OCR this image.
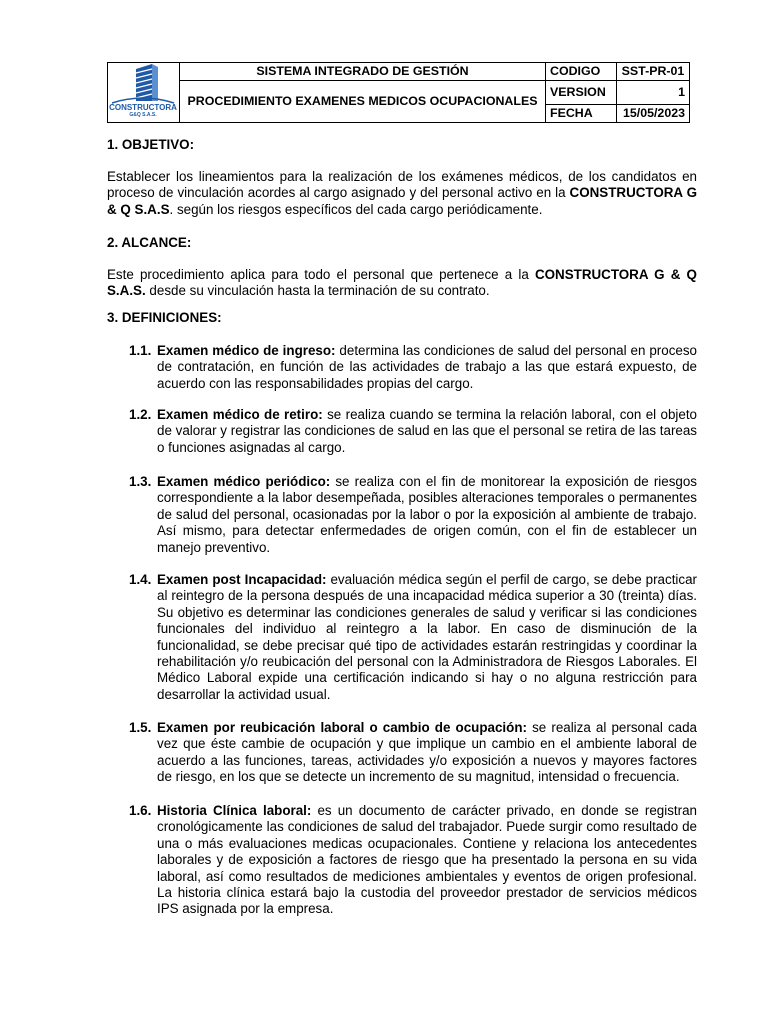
CONSTRUCTORA
G&Q S.A.S.	SISTEMA INTEGRADO DE GESTIÓN	CODIGO	SST-PR-01
	PROCEDIMIENTO EXAMENES MEDICOS OCUPACIONALES	VERSION	1
		FECHA	15/05/2023
1. OBJETIVO:
Establecer los lineamientos para la realización de los exámenes médicos, de los candidatos en proceso de vinculación acordes al cargo asignado y del personal activo en la CONSTRUCTORA G & Q S.A.S. según los riesgos específicos del cada cargo periódicamente.
2. ALCANCE:
Este procedimiento aplica para todo el personal que pertenece a la CONSTRUCTORA G & Q S.A.S. desde su vinculación hasta la terminación de su contrato.
3. DEFINICIONES:
1.1. Examen médico de ingreso: determina las condiciones de salud del personal en proceso de contratación, en función de las actividades de trabajo a las que estará expuesto, de acuerdo con las responsabilidades propias del cargo.
1.2. Examen médico de retiro: se realiza cuando se termina la relación laboral, con el objeto de valorar y registrar las condiciones de salud en las que el personal se retira de las tareas o funciones asignadas al cargo.
1.3. Examen médico periódico: se realiza con el fin de monitorear la exposición de riesgos correspondiente a la labor desempeñada, posibles alteraciones temporales o permanentes de salud del personal, ocasionadas por la labor o por la exposición al ambiente de trabajo. Así mismo, para detectar enfermedades de origen común, con el fin de establecer un manejo preventivo.
1.4. Examen post Incapacidad: evaluación médica según el perfil de cargo, se debe practicar al reintegro de la persona después de una incapacidad médica superior a 30 (treinta) días. Su objetivo es determinar las condiciones generales de salud y verificar si las condiciones funcionales del individuo al reintegro a la labor. En caso de disminución de la funcionalidad, se debe precisar qué tipo de actividades estarán restringidas y coordinar la rehabilitación y/o reubicación del personal con la Administradora de Riesgos Laborales. El Médico Laboral expide una certificación indicando si hay o no alguna restricción para desarrollar la actividad usual.
1.5. Examen por reubicación laboral o cambio de ocupación: se realiza al personal cada vez que éste cambie de ocupación y que implique un cambio en el ambiente laboral de acuerdo a las funciones, tareas, actividades y/o exposición a nuevos y mayores factores de riesgo, en los que se detecte un incremento de su magnitud, intensidad o frecuencia.
1.6. Historia Clínica laboral: es un documento de carácter privado, en donde se registran cronológicamente las condiciones de salud del trabajador. Puede surgir como resultado de una o más evaluaciones medicas ocupacionales. Contiene y relaciona los antecedentes laborales y de exposición a factores de riesgo que ha presentado la persona en su vida laboral, así como resultados de mediciones ambientales y eventos de origen profesional. La historia clínica estará bajo la custodia del proveedor prestador de servicios médicos IPS asignada por la empresa.
